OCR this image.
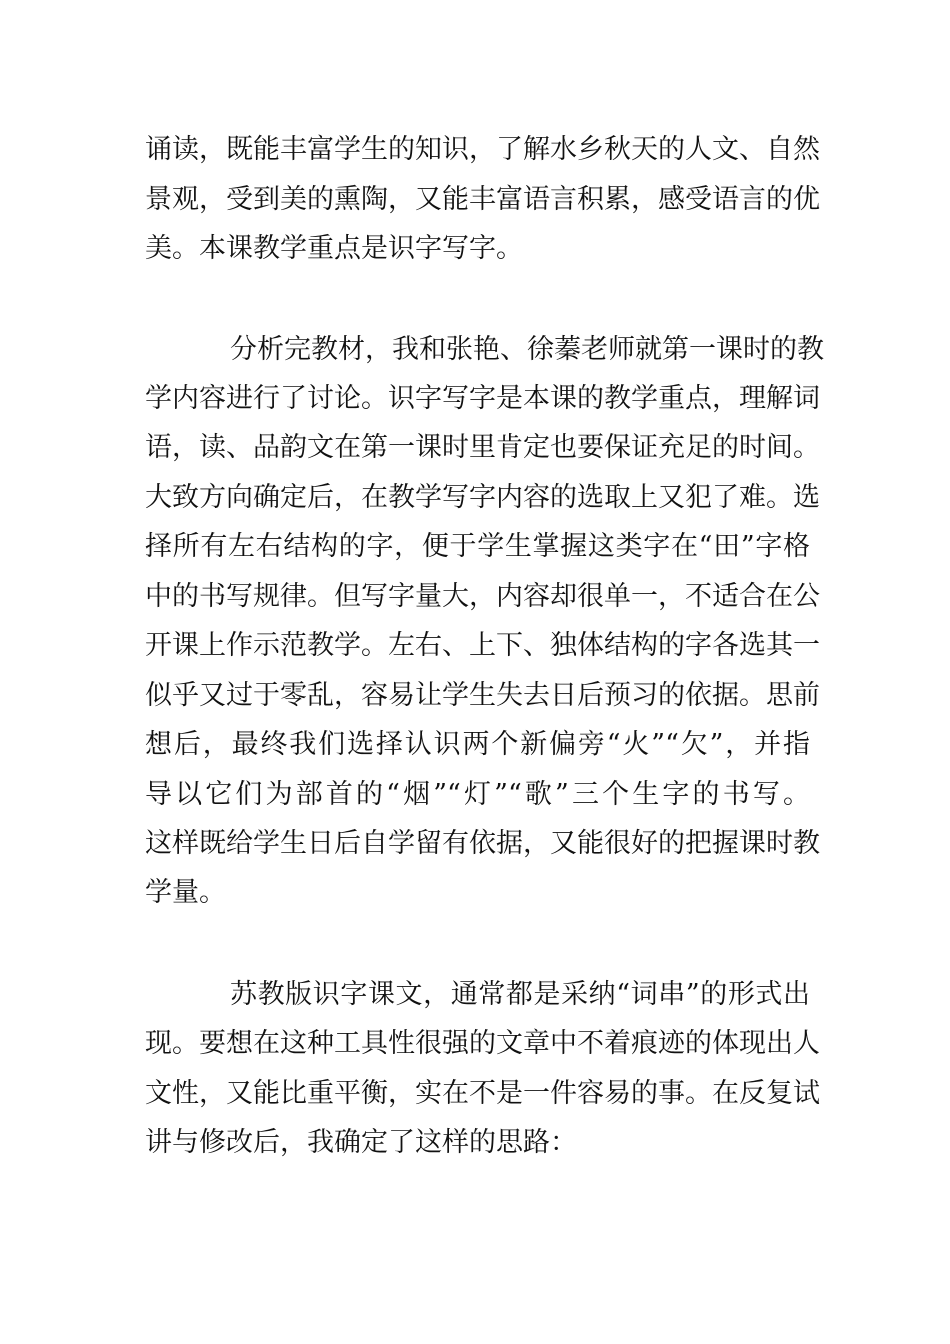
诵读，既能丰富学生的知识，了解水乡秋天的人文、自然
景观，受到美的熏陶，又能丰富语言积累，感受语言的优
美。本课教学重点是识字写字。
分析完教材，我和张艳、徐蓁老师就第一课时的教
学内容进行了讨论。识字写字是本课的教学重点，理解词
语，读、品韵文在第一课时里肯定也要保证充足的时间。
大致方向确定后，在教学写字内容的选取上又犯了难。选
择所有左右结构的字，便于学生掌握这类字在“田”字格
中的书写规律。但写字量大，内容却很单一，不适合在公
开课上作示范教学。左右、上下、独体结构的字各选其一
似乎又过于零乱，容易让学生失去日后预习的依据。思前
想后，最终我们选择认识两个新偏旁“火”“欠”，并指
导以它们为部首的“烟”“灯”“歌”三个生字的书写。
这样既给学生日后自学留有依据，又能很好的把握课时教
学量。
苏教版识字课文，通常都是采纳“词串”的形式出
现。要想在这种工具性很强的文章中不着痕迹的体现出人
文性，又能比重平衡，实在不是一件容易的事。在反复试
讲与修改后，我确定了这样的思路：
